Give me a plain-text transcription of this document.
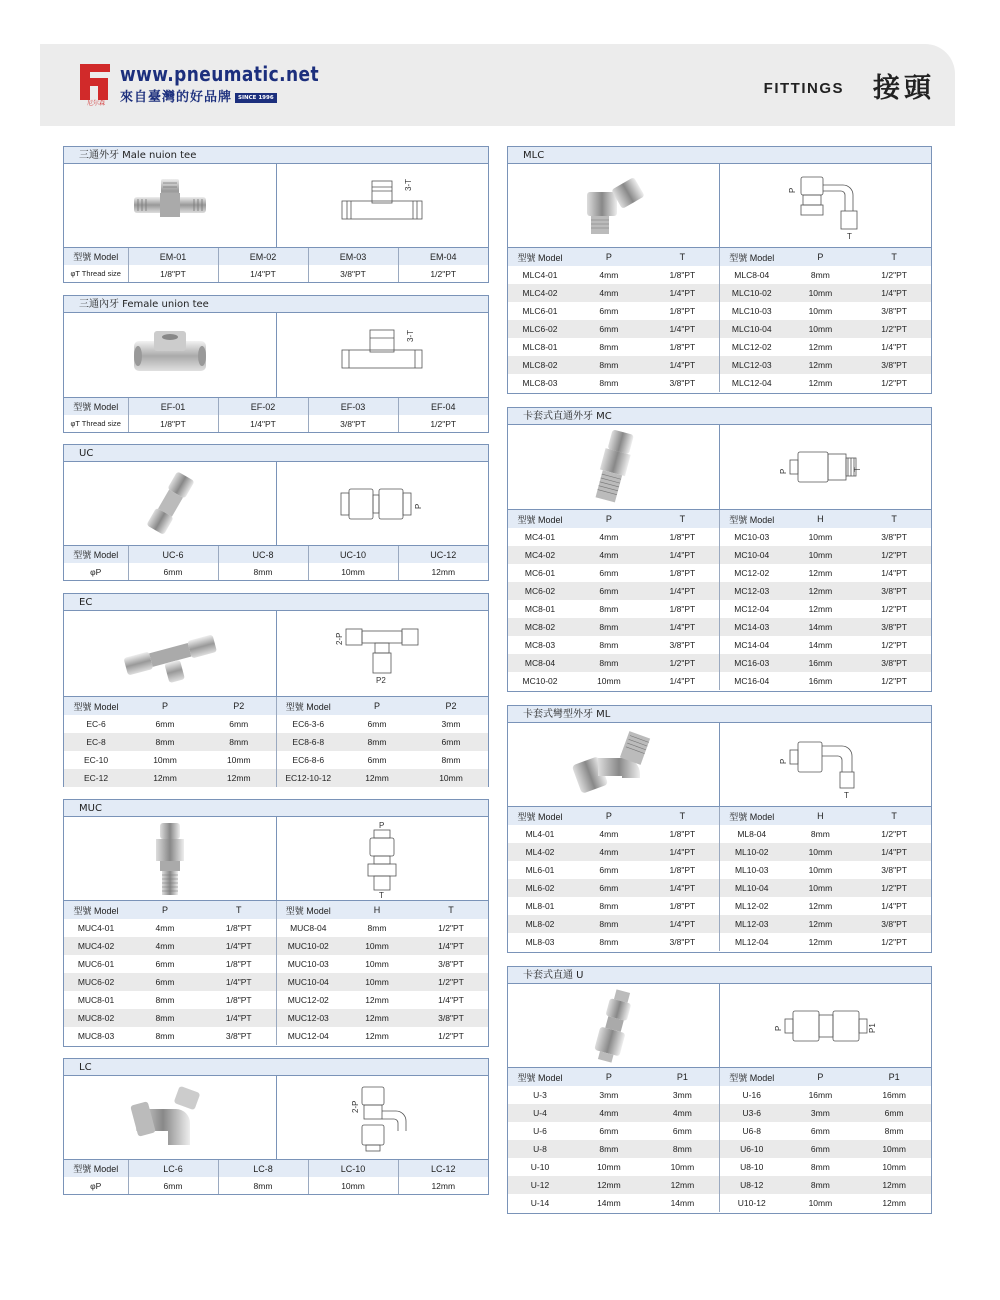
尼尔森
www.pneumatic.net
來自臺灣的好品牌 SINCE 1996
FITTINGS 接頭
三通外牙 Male nuion tee
3-T
型號 Model	EM-01	EM-02	EM-03	EM-04
φT Thread size	1/8"PT	1/4"PT	3/8"PT	1/2"PT
三通內牙 Female union tee
3-T
型號 Model	EF-01	EF-02	EF-03	EF-04
φT Thread size	1/8"PT	1/4"PT	3/8"PT	1/2"PT
UC
P
型號 Model	UC-6	UC-8	UC-10	UC-12
φP	6mm	8mm	10mm	12mm
EC
2-P
P2
型號 Model	P	P2	型號 Model	P	P2
EC-6	6mm	6mm	EC6-3-6	6mm	3mm
EC-8	8mm	8mm	EC8-6-8	8mm	6mm
EC-10	10mm	10mm	EC6-8-6	6mm	8mm
EC-12	12mm	12mm	EC12-10-12	12mm	10mm
MUC
P
T
型號 Model	P	T	型號 Model	H	T
MUC4-01	4mm	1/8"PT	MUC8-04	8mm	1/2"PT
MUC4-02	4mm	1/4"PT	MUC10-02	10mm	1/4"PT
MUC6-01	6mm	1/8"PT	MUC10-03	10mm	3/8"PT
MUC6-02	6mm	1/4"PT	MUC10-04	10mm	1/2"PT
MUC8-01	8mm	1/8"PT	MUC12-02	12mm	1/4"PT
MUC8-02	8mm	1/4"PT	MUC12-03	12mm	3/8"PT
MUC8-03	8mm	3/8"PT	MUC12-04	12mm	1/2"PT
LC
2-P
型號 Model	LC-6	LC-8	LC-10	LC-12
φP	6mm	8mm	10mm	12mm
MLC
P
T
型號 Model	P	T	型號 Model	P	T
MLC4-01	4mm	1/8"PT	MLC8-04	8mm	1/2"PT
MLC4-02	4mm	1/4"PT	MLC10-02	10mm	1/4"PT
MLC6-01	6mm	1/8"PT	MLC10-03	10mm	3/8"PT
MLC6-02	6mm	1/4"PT	MLC10-04	10mm	1/2"PT
MLC8-01	8mm	1/8"PT	MLC12-02	12mm	1/4"PT
MLC8-02	8mm	1/4"PT	MLC12-03	12mm	3/8"PT
MLC8-03	8mm	3/8"PT	MLC12-04	12mm	1/2"PT
卡套式直通外牙 MC
P	T
型號 Model	P	T	型號 Model	H	T
MC4-01	4mm	1/8"PT	MC10-03	10mm	3/8"PT
MC4-02	4mm	1/4"PT	MC10-04	10mm	1/2"PT
MC6-01	6mm	1/8"PT	MC12-02	12mm	1/4"PT
MC6-02	6mm	1/4"PT	MC12-03	12mm	3/8"PT
MC8-01	8mm	1/8"PT	MC12-04	12mm	1/2"PT
MC8-02	8mm	1/4"PT	MC14-03	14mm	3/8"PT
MC8-03	8mm	3/8"PT	MC14-04	14mm	1/2"PT
MC8-04	8mm	1/2"PT	MC16-03	16mm	3/8"PT
MC10-02	10mm	1/4"PT	MC16-04	16mm	1/2"PT
卡套式彎型外牙 ML
P
T
型號 Model	P	T	型號 Model	H	T
ML4-01	4mm	1/8"PT	ML8-04	8mm	1/2"PT
ML4-02	4mm	1/4"PT	ML10-02	10mm	1/4"PT
ML6-01	6mm	1/8"PT	ML10-03	10mm	3/8"PT
ML6-02	6mm	1/4"PT	ML10-04	10mm	1/2"PT
ML8-01	8mm	1/8"PT	ML12-02	12mm	1/4"PT
ML8-02	8mm	1/4"PT	ML12-03	12mm	3/8"PT
ML8-03	8mm	3/8"PT	ML12-04	12mm	1/2"PT
卡套式直通 U
P	P1
型號 Model	P	P1	型號 Model	P	P1
U-3	3mm	3mm	U-16	16mm	16mm
U-4	4mm	4mm	U3-6	3mm	6mm
U-6	6mm	6mm	U6-8	6mm	8mm
U-8	8mm	8mm	U6-10	6mm	10mm
U-10	10mm	10mm	U8-10	8mm	10mm
U-12	12mm	12mm	U8-12	8mm	12mm
U-14	14mm	14mm	U10-12	10mm	12mm
